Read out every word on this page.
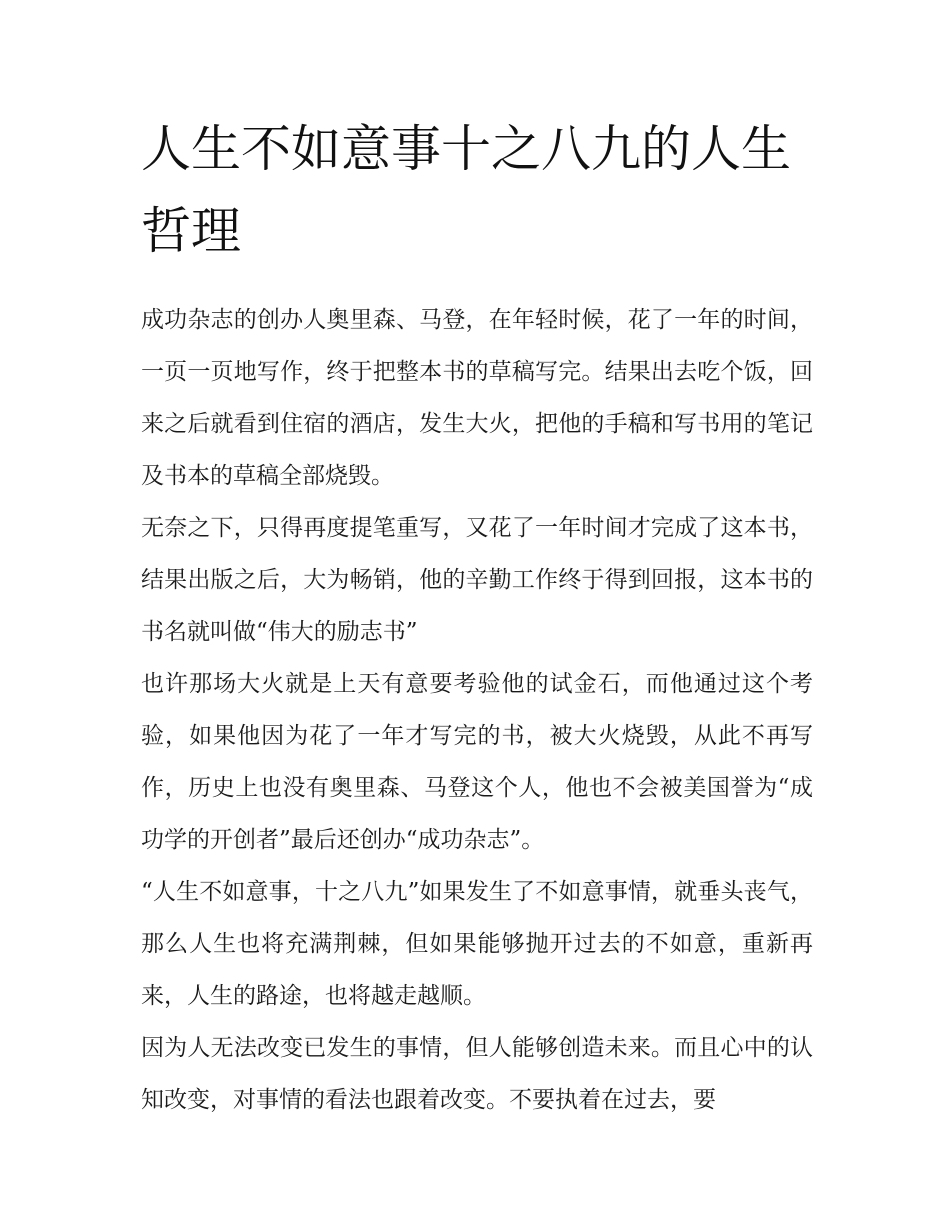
人生不如意事十之八九的人生哲理

成功杂志的创办人奥里森、马登，在年轻时候，花了一年的时间，一页一页地写作，终于把整本书的草稿写完。结果出去吃个饭，回来之后就看到住宿的酒店，发生大火，把他的手稿和写书用的笔记及书本的草稿全部烧毁。

无奈之下，只得再度提笔重写，又花了一年时间才完成了这本书，结果出版之后，大为畅销，他的辛勤工作终于得到回报，这本书的书名就叫做“伟大的励志书”

也许那场大火就是上天有意要考验他的试金石，而他通过这个考验，如果他因为花了一年才写完的书，被大火烧毁，从此不再写作，历史上也没有奥里森、马登这个人，他也不会被美国誉为“成功学的开创者”最后还创办“成功杂志”。

“人生不如意事，十之八九”如果发生了不如意事情，就垂头丧气，那么人生也将充满荆棘，但如果能够抛开过去的不如意，重新再来，人生的路途，也将越走越顺。

因为人无法改变已发生的事情，但人能够创造未来。而且心中的认知改变，对事情的看法也跟着改变。不要执着在过去，要
